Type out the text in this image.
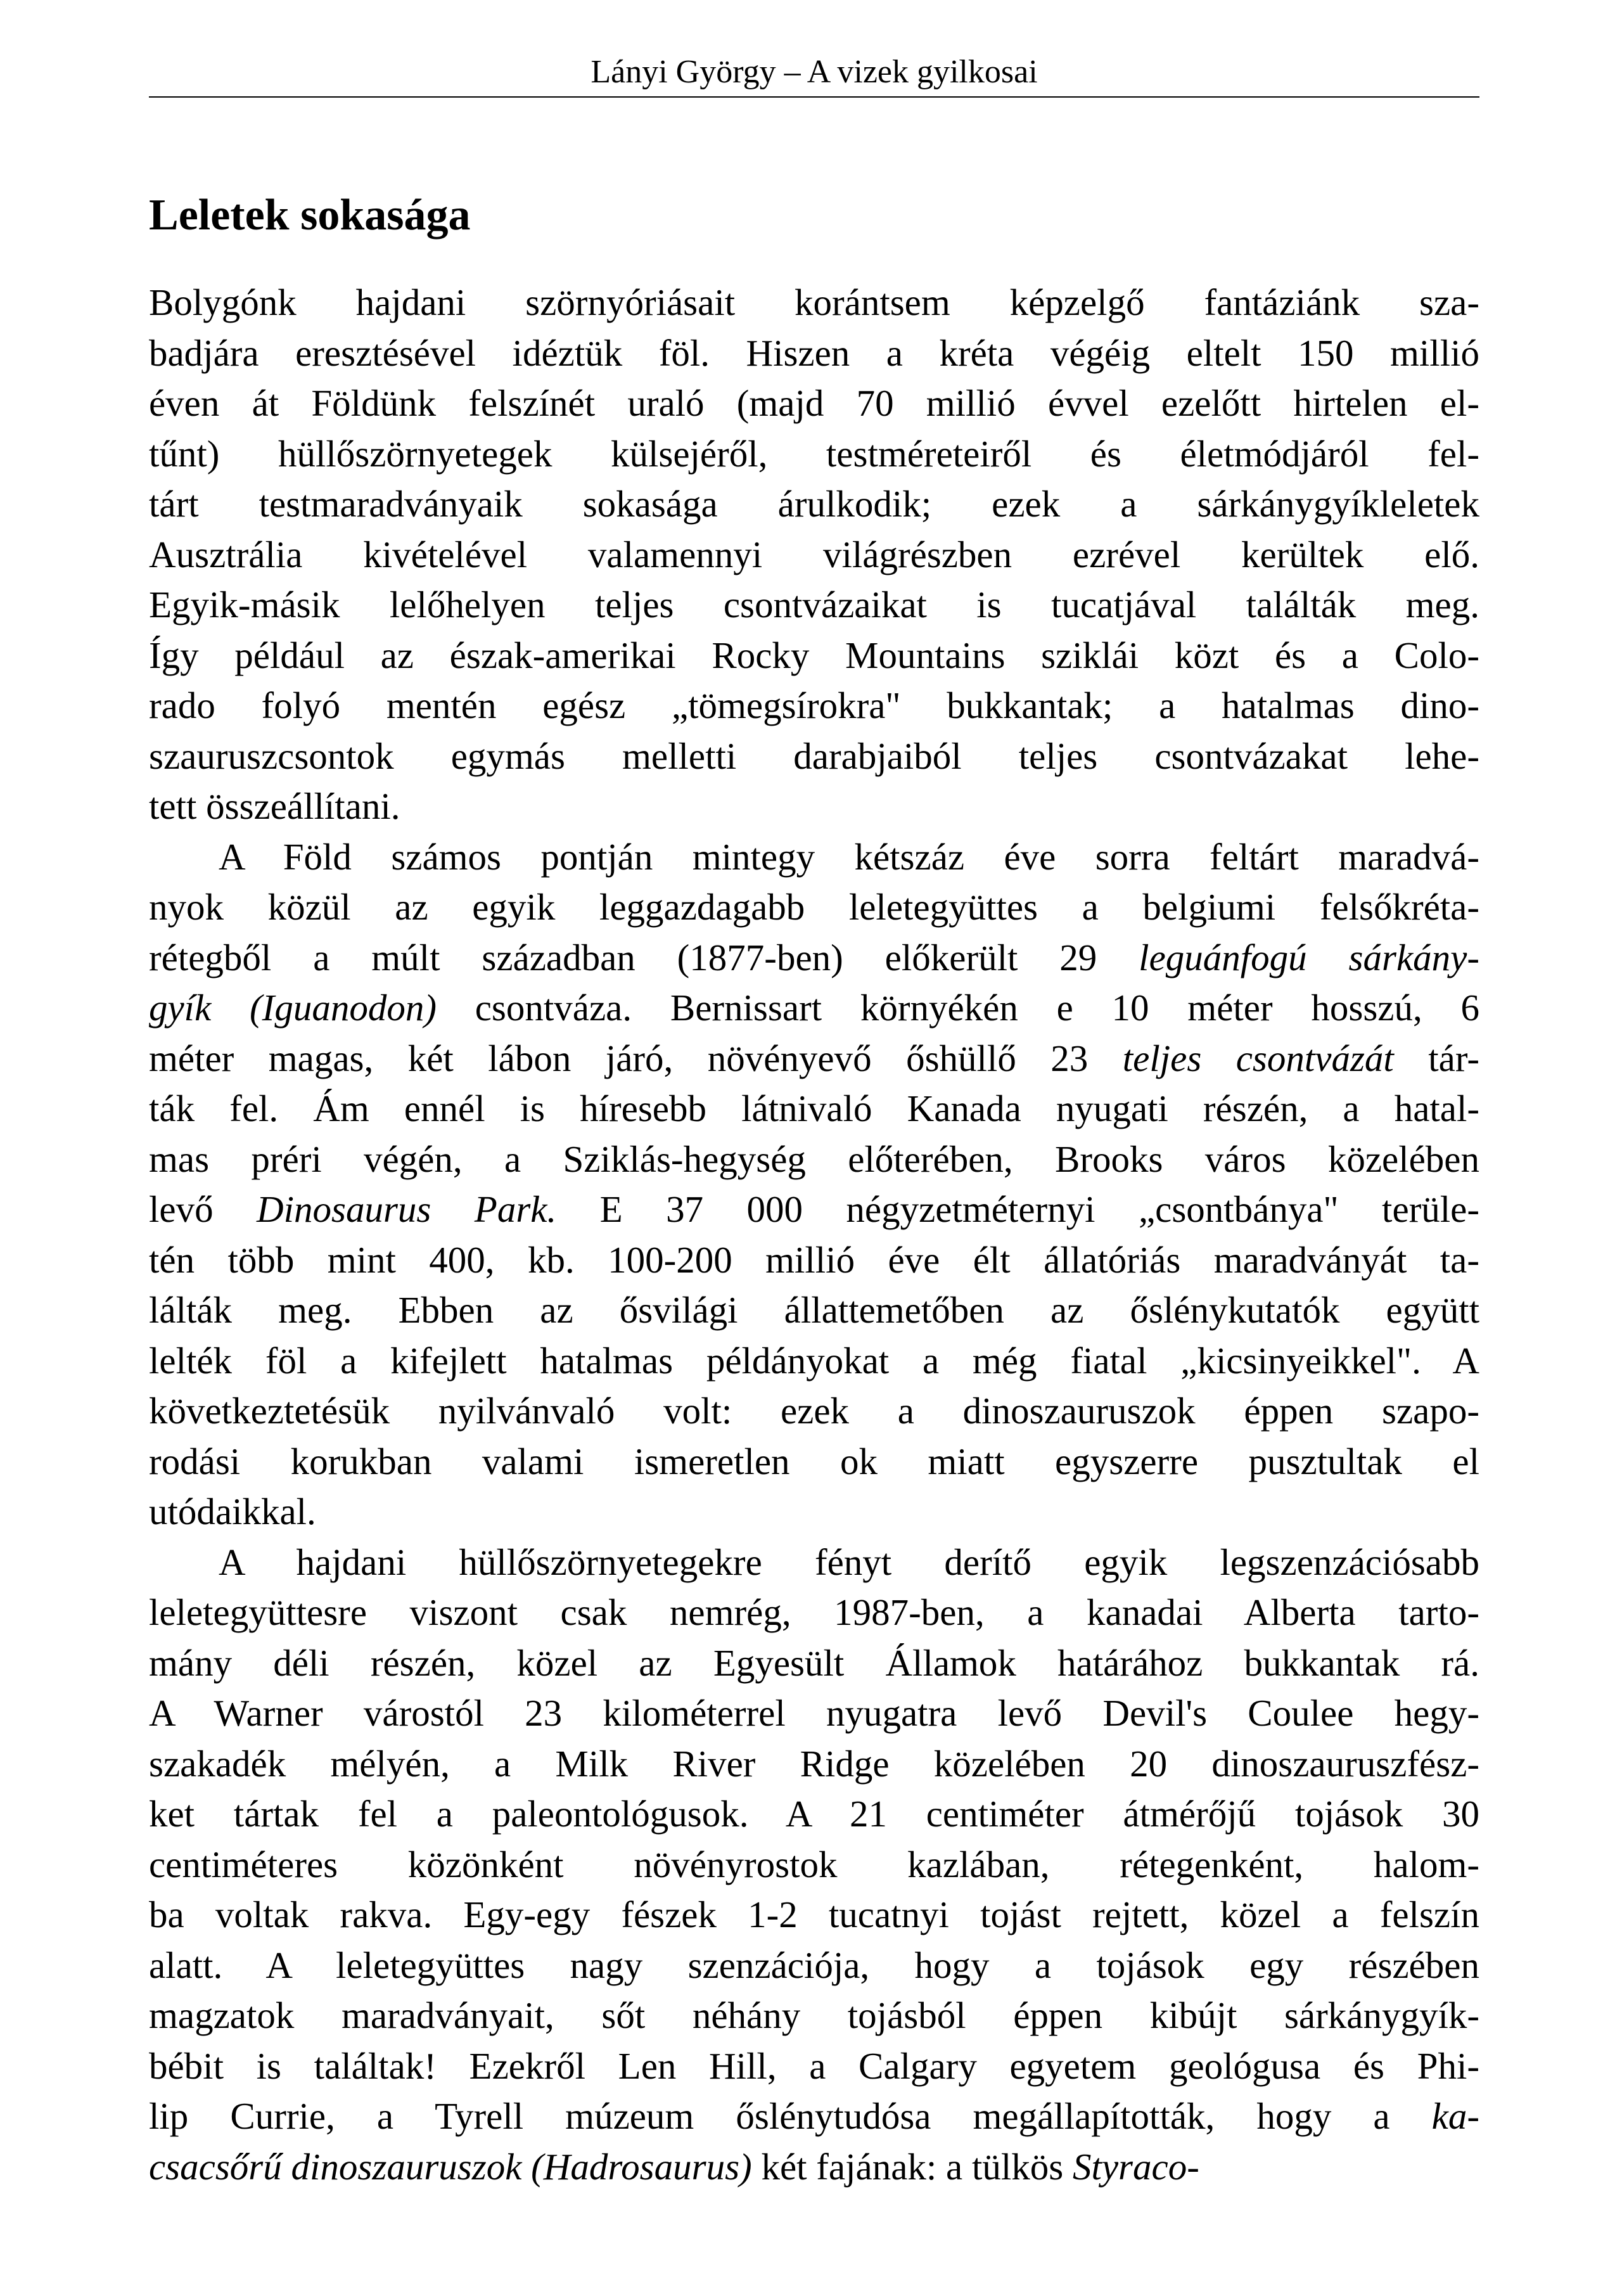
Lányi György – A vizek gyilkosai
Leletek sokasága
Bolygónk hajdani szörnyóriásait korántsem képzelgő fantáziánk sza-
badjára eresztésével idéztük föl. Hiszen a kréta végéig eltelt 150 millió
éven át Földünk felszínét uraló (majd 70 millió évvel ezelőtt hirtelen el-
tűnt) hüllőszörnyetegek külsejéről, testméreteiről és életmódjáról fel-
tárt testmaradványaik sokasága árulkodik; ezek a sárkánygyíkleletek
Ausztrália kivételével valamennyi világrészben ezrével kerültek elő.
Egyik-másik lelőhelyen teljes csontvázaikat is tucatjával találták meg.
Így például az észak-amerikai Rocky Mountains sziklái közt és a Colo-
rado folyó mentén egész „tömegsírokra" bukkantak; a hatalmas dino-
szauruszcsontok egymás melletti darabjaiból teljes csontvázakat lehe-
tett összeállítani.
A Föld számos pontján mintegy kétszáz éve sorra feltárt maradvá-
nyok közül az egyik leggazdagabb leletegyüttes a belgiumi felsőkréta-
rétegből a múlt században (1877-ben) előkerült 29 leguánfogú sárkány-
gyík (Iguanodon) csontváza. Bernissart környékén e 10 méter hosszú, 6
méter magas, két lábon járó, növényevő őshüllő 23 teljes csontvázát tár-
ták fel. Ám ennél is híresebb látnivaló Kanada nyugati részén, a hatal-
mas préri végén, a Sziklás-hegység előterében, Brooks város közelében
levő Dinosaurus Park. E 37 000 négyzetméternyi „csontbánya" terüle-
tén több mint 400, kb. 100-200 millió éve élt állatóriás maradványát ta-
lálták meg. Ebben az ősvilági állattemetőben az őslénykutatók együtt
lelték föl a kifejlett hatalmas példányokat a még fiatal „kicsinyeikkel". A
következtetésük nyilvánvaló volt: ezek a dinoszauruszok éppen szapo-
rodási korukban valami ismeretlen ok miatt egyszerre pusztultak el
utódaikkal.
A hajdani hüllőszörnyetegekre fényt derítő egyik legszenzációsabb
leletegyüttesre viszont csak nemrég, 1987-ben, a kanadai Alberta tarto-
mány déli részén, közel az Egyesült Államok határához bukkantak rá.
A Warner várostól 23 kilométerrel nyugatra levő Devil's Coulee hegy-
szakadék mélyén, a Milk River Ridge közelében 20 dinoszauruszfész-
ket tártak fel a paleontológusok. A 21 centiméter átmérőjű tojások 30
centiméteres közönként növényrostok kazlában, rétegenként, halom-
ba voltak rakva. Egy-egy fészek 1-2 tucatnyi tojást rejtett, közel a felszín
alatt. A leletegyüttes nagy szenzációja, hogy a tojások egy részében
magzatok maradványait, sőt néhány tojásból éppen kibújt sárkánygyík-
bébit is találtak! Ezekről Len Hill, a Calgary egyetem geológusa és Phi-
lip Currie, a Tyrell múzeum őslénytudósa megállapították, hogy a ka-
csacsőrű dinoszauruszok (Hadrosaurus) két fajának: a tülkös Styraco-
